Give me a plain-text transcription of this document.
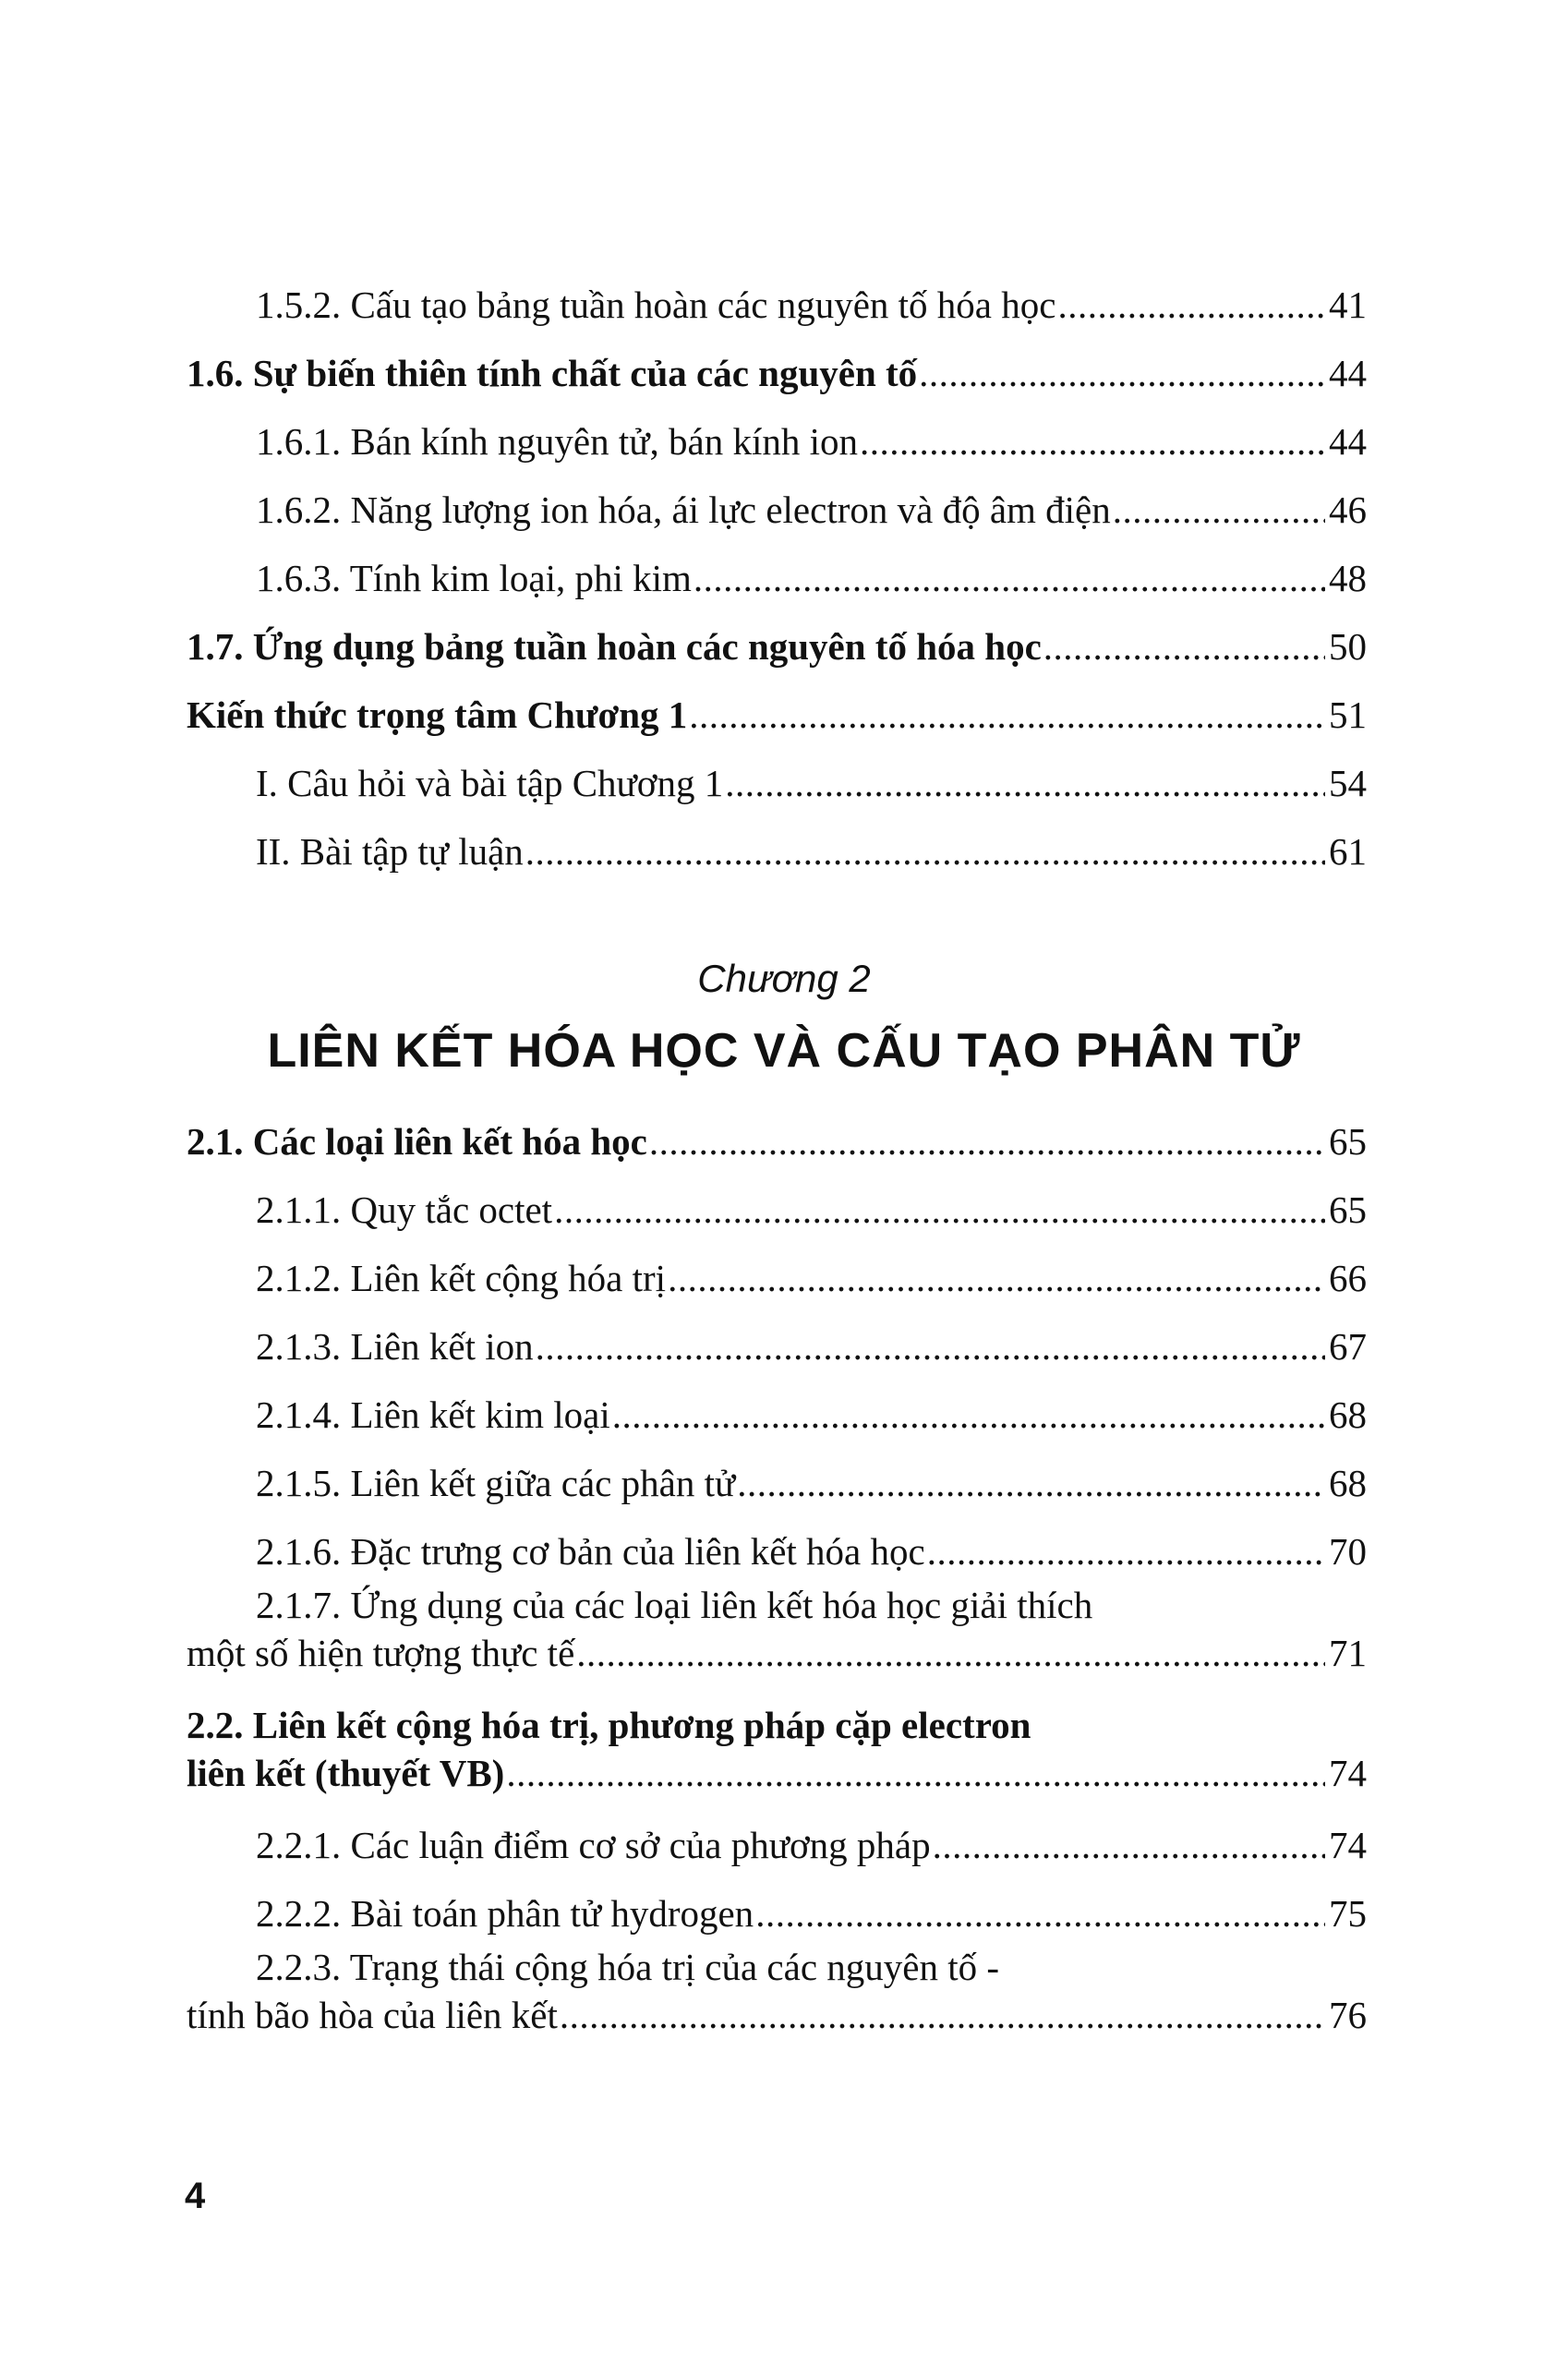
1.5.2. Cấu tạo bảng tuần hoàn các nguyên tố hóa học .....	41
1.6. Sự biến thiên tính chất của các nguyên tố .....	44
1.6.1. Bán kính nguyên tử, bán kính ion .....	44
1.6.2. Năng lượng ion hóa, ái lực electron và độ âm điện .....	46
1.6.3. Tính kim loại, phi kim .....	48
1.7. Ứng dụng bảng tuần hoàn các nguyên tố hóa học .....	50
Kiến thức trọng tâm Chương 1 .....	51
I. Câu hỏi và bài tập Chương 1 .....	54
II. Bài tập tự luận .....	61
Chương 2
LIÊN KẾT HÓA HỌC VÀ CẤU TẠO PHÂN TỬ
2.1. Các loại liên kết hóa học .....	65
2.1.1. Quy tắc octet .....	65
2.1.2. Liên kết cộng hóa trị .....	66
2.1.3. Liên kết ion .....	67
2.1.4. Liên kết kim loại .....	68
2.1.5. Liên kết giữa các phân tử .....	68
2.1.6. Đặc trưng cơ bản của liên kết hóa học .....	70
2.1.7. Ứng dụng của các loại liên kết hóa học giải thích
một số hiện tượng thực tế .....	71
2.2. Liên kết cộng hóa trị, phương pháp cặp electron
liên kết (thuyết VB) .....	74
2.2.1. Các luận điểm cơ sở của phương pháp .....	74
2.2.2. Bài toán phân tử hydrogen .....	75
2.2.3. Trạng thái cộng hóa trị của các nguyên tố -
tính bão hòa của liên kết .....	76
4
